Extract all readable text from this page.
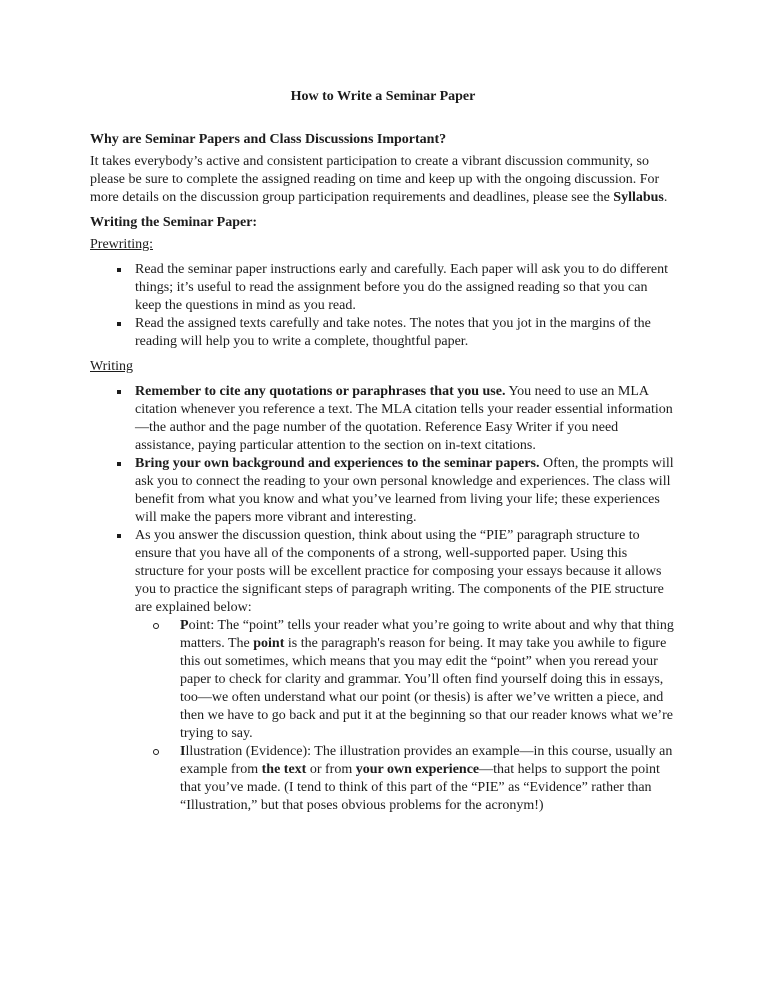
How to Write a Seminar Paper
Why are Seminar Papers and Class Discussions Important?

It takes everybody’s active and consistent participation to create a vibrant discussion community, so please be sure to complete the assigned reading on time and keep up with the ongoing discussion. For more details on the discussion group participation requirements and deadlines, please see the Syllabus.

Writing the Seminar Paper:
Prewriting:
Read the seminar paper instructions early and carefully. Each paper will ask you to do different things; it’s useful to read the assignment before you do the assigned reading so that you can keep the questions in mind as you read.
Read the assigned texts carefully and take notes. The notes that you jot in the margins of the reading will help you to write a complete, thoughtful paper.
Writing
Remember to cite any quotations or paraphrases that you use. You need to use an MLA citation whenever you reference a text. The MLA citation tells your reader essential information—the author and the page number of the quotation. Reference Easy Writer if you need assistance, paying particular attention to the section on in-text citations.
Bring your own background and experiences to the seminar papers. Often, the prompts will ask you to connect the reading to your own personal knowledge and experiences. The class will benefit from what you know and what you’ve learned from living your life; these experiences will make the papers more vibrant and interesting.
As you answer the discussion question, think about using the “PIE” paragraph structure to ensure that you have all of the components of a strong, well-supported paper. Using this structure for your posts will be excellent practice for composing your essays because it allows you to practice the significant steps of paragraph writing. The components of the PIE structure are explained below:
Point: The “point” tells your reader what you’re going to write about and why that thing matters. The point is the paragraph's reason for being. It may take you awhile to figure this out sometimes, which means that you may edit the “point” when you reread your paper to check for clarity and grammar. You’ll often find yourself doing this in essays, too—we often understand what our point (or thesis) is after we’ve written a piece, and then we have to go back and put it at the beginning so that our reader knows what we’re trying to say.
Illustration (Evidence): The illustration provides an example—in this course, usually an example from the text or from your own experience—that helps to support the point that you’ve made. (I tend to think of this part of the “PIE” as “Evidence” rather than “Illustration,” but that poses obvious problems for the acronym!)
